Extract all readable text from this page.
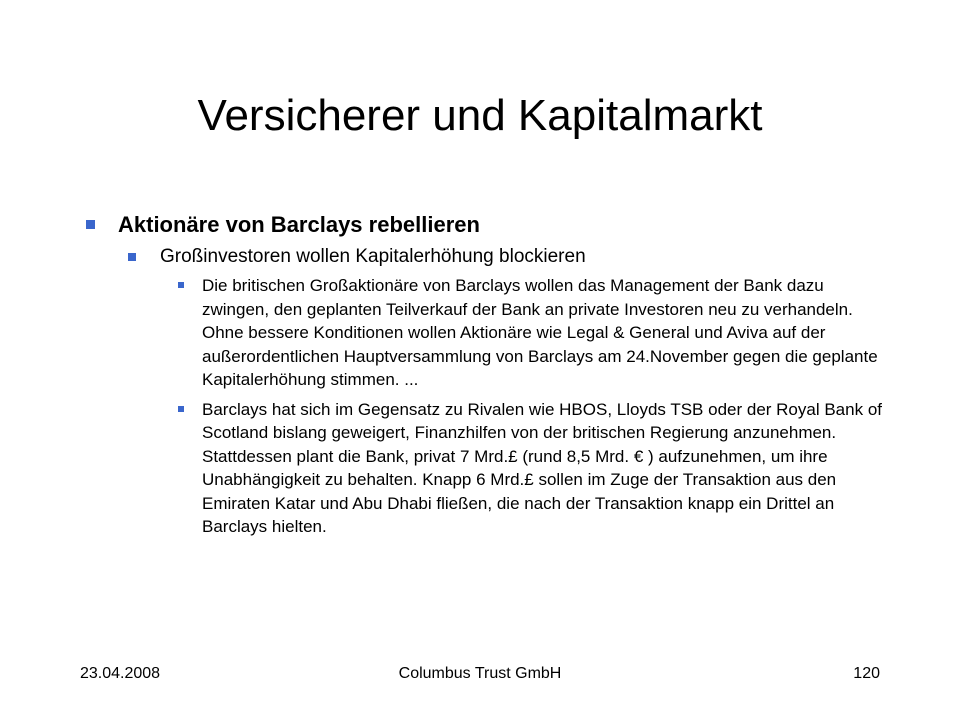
Versicherer und Kapitalmarkt
Aktionäre von Barclays rebellieren
Großinvestoren wollen Kapitalerhöhung blockieren
Die britischen Großaktionäre von Barclays wollen das Management der Bank dazu zwingen, den geplanten Teilverkauf der Bank an private Investoren neu zu verhandeln. Ohne bessere Konditionen wollen Aktionäre wie Legal & General und Aviva auf der außerordentlichen Hauptversammlung von Barclays am 24.November gegen die geplante Kapitalerhöhung stimmen. ...
Barclays hat sich im Gegensatz zu Rivalen wie HBOS, Lloyds TSB oder der Royal Bank of Scotland bislang geweigert, Finanzhilfen von der britischen Regierung anzunehmen. Stattdessen plant die Bank, privat 7 Mrd.£ (rund 8,5 Mrd. € ) aufzunehmen, um ihre Unabhängigkeit zu behalten. Knapp 6 Mrd.£ sollen im Zuge der Transaktion aus den Emiraten Katar und Abu Dhabi fließen, die nach der Transaktion knapp ein Drittel an Barclays hielten.
23.04.2008	Columbus Trust GmbH	120
